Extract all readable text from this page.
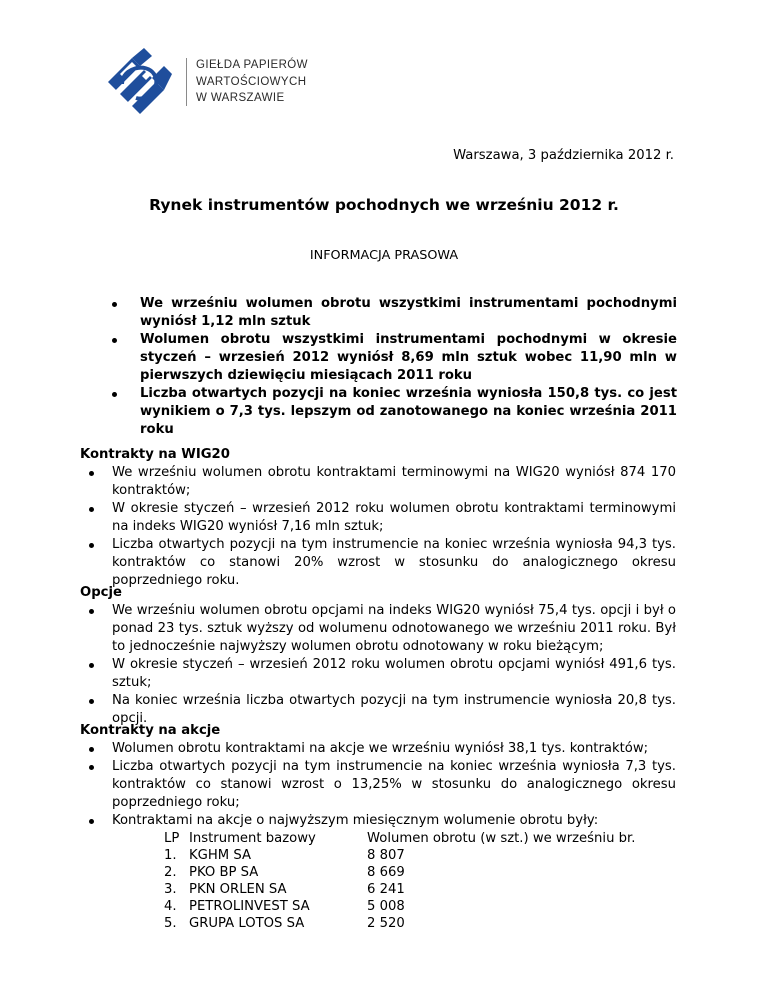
GIEŁDA PAPIERÓW
WARTOŚCIOWYCH
W WARSZAWIE
Warszawa, 3 października 2012 r.
Rynek instrumentów pochodnych we wrześniu 2012 r.
INFORMACJA PRASOWA
We wrześniu wolumen obrotu wszystkimi instrumentami pochodnymi wyniósł 1,12 mln sztuk
Wolumen obrotu wszystkimi instrumentami pochodnymi w okresie styczeń – wrzesień 2012 wyniósł 8,69 mln sztuk wobec 11,90 mln w pierwszych dziewięciu miesiącach 2011 roku
Liczba otwartych pozycji na koniec września wyniosła 150,8 tys. co jest wynikiem o 7,3 tys. lepszym od zanotowanego na koniec września 2011 roku
Kontrakty na WIG20
We wrześniu wolumen obrotu kontraktami terminowymi na WIG20 wyniósł 874 170 kontraktów;
W okresie styczeń – wrzesień 2012 roku wolumen obrotu kontraktami terminowymi na indeks WIG20 wyniósł 7,16 mln sztuk;
Liczba otwartych pozycji na tym instrumencie na koniec września wyniosła 94,3 tys. kontraktów co stanowi 20% wzrost w stosunku do analogicznego okresu poprzedniego roku.
Opcje
We wrześniu wolumen obrotu opcjami na indeks WIG20 wyniósł 75,4 tys. opcji i był o ponad 23 tys. sztuk wyższy od wolumenu odnotowanego we wrześniu 2011 roku. Był to jednocześnie najwyższy wolumen obrotu odnotowany w roku bieżącym;
W okresie styczeń – wrzesień 2012 roku wolumen obrotu opcjami wyniósł 491,6 tys. sztuk;
Na koniec września liczba otwartych pozycji na tym instrumencie wyniosła 20,8 tys. opcji.
Kontrakty na akcje
Wolumen obrotu kontraktami na akcje we wrześniu wyniósł 38,1 tys. kontraktów;
Liczba otwartych pozycji na tym instrumencie na koniec września wyniosła 7,3 tys. kontraktów co stanowi wzrost o 13,25% w stosunku do analogicznego okresu poprzedniego roku;
Kontraktami na akcje o najwyższym miesięcznym wolumenie obrotu były:
LP Instrument bazowy	Wolumen obrotu (w szt.) we wrześniu br.
1. KGHM SA	8 807
2. PKO BP SA	8 669
3. PKN ORLEN SA	6 241
4. PETROLINVEST SA	5 008
5. GRUPA LOTOS SA	2 520
